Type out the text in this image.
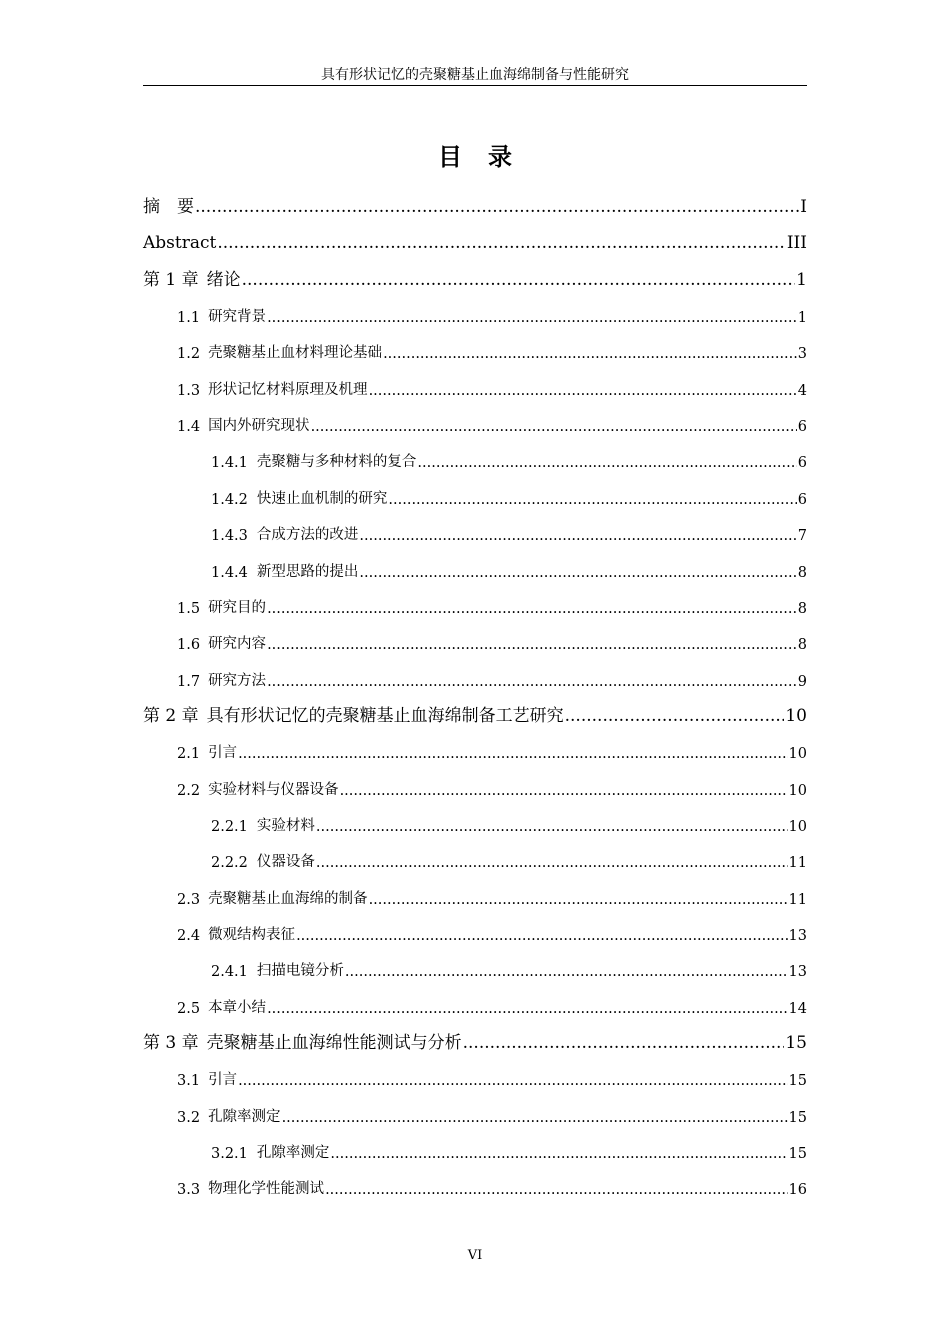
具有形状记忆的壳聚糖基止血海绵制备与性能研究
目录
摘　要 .....	I
Abstract .....	III
第 1 章 绪论 .....	1
1.1 研究背景 .....	1
1.2 壳聚糖基止血材料理论基础 .....	3
1.3 形状记忆材料原理及机理 .....	4
1.4 国内外研究现状 .....	6
1.4.1 壳聚糖与多种材料的复合 .....	6
1.4.2 快速止血机制的研究 .....	6
1.4.3 合成方法的改进 .....	7
1.4.4 新型思路的提出 .....	8
1.5 研究目的 .....	8
1.6 研究内容 .....	8
1.7 研究方法 .....	9
第 2 章 具有形状记忆的壳聚糖基止血海绵制备工艺研究 .....	10
2.1 引言 .....	10
2.2 实验材料与仪器设备 .....	10
2.2.1 实验材料 .....	10
2.2.2 仪器设备 .....	11
2.3 壳聚糖基止血海绵的制备 .....	11
2.4 微观结构表征 .....	13
2.4.1 扫描电镜分析 .....	13
2.5 本章小结 .....	14
第 3 章 壳聚糖基止血海绵性能测试与分析 .....	15
3.1 引言 .....	15
3.2 孔隙率测定 .....	15
3.2.1 孔隙率测定 .....	15
3.3 物理化学性能测试 .....	16
VI
